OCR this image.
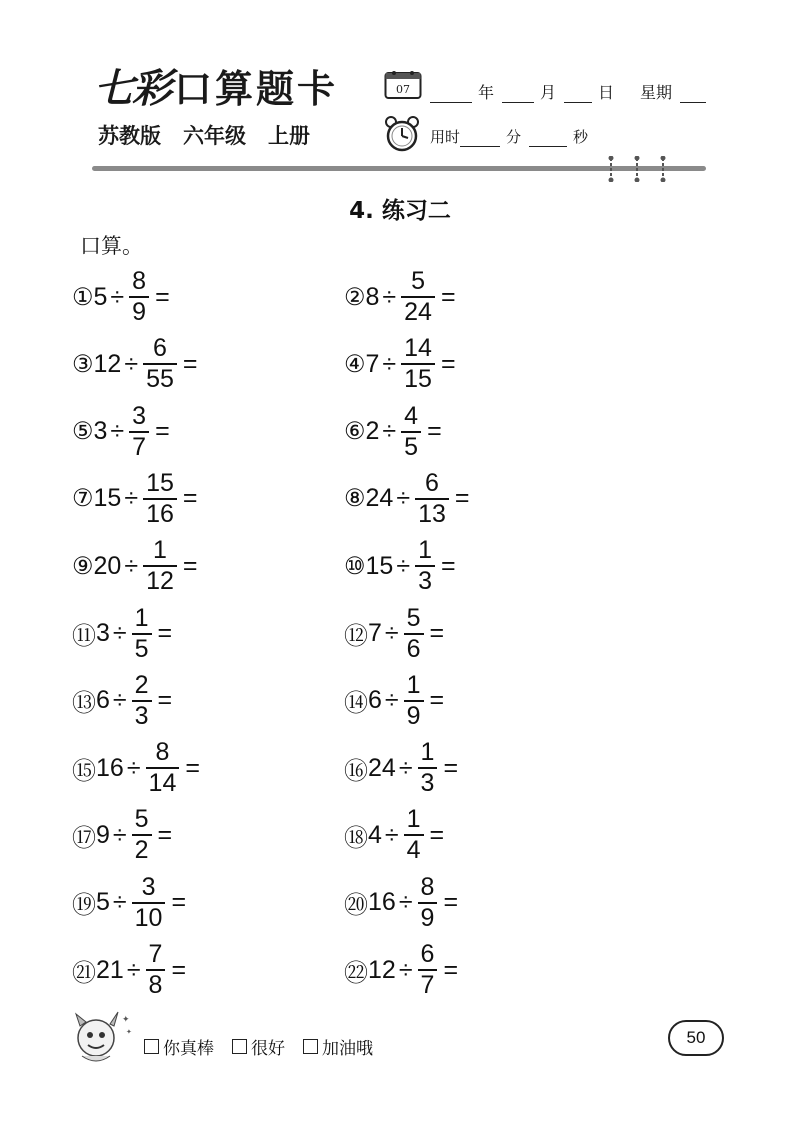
七彩 口算题卡
苏教版 六年级 上册
07	年	月	日 星期
用时	分	秒
4. 练习二
口算。
① $5 \div \frac{8}{9}$ =	② $8 \div \frac{5}{24}$ =
③ $12 \div \frac{6}{55}$ =	④ $7 \div \frac{14}{15}$ =
⑤ $3 \div \frac{3}{7}$ =	⑥ $2 \div \frac{4}{5}$ =
⑦ $15 \div \frac{15}{16}$ =	⑧ $24 \div \frac{6}{13}$ =
⑨ $20 \div \frac{1}{12}$ =	⑩ $15 \div \frac{1}{3}$ =
⑪ $3 \div \frac{1}{5}$ =	⑫ $7 \div \frac{5}{6}$ =
⑬ $6 \div \frac{2}{3}$ =	⑭ $6 \div \frac{1}{9}$ =
⑮ $16 \div \frac{8}{14}$ =	⑯ $24 \div \frac{1}{3}$ =
⑰ $9 \div \frac{5}{2}$ =	⑱ $4 \div \frac{1}{4}$ =
⑲ $5 \div \frac{3}{10}$ =	⑳ $16 \div \frac{8}{9}$ =
㉑ $21 \div \frac{7}{8}$ =	㉒ $12 \div \frac{6}{7}$ =
✦
✦
你真棒 很好 加油哦
50
